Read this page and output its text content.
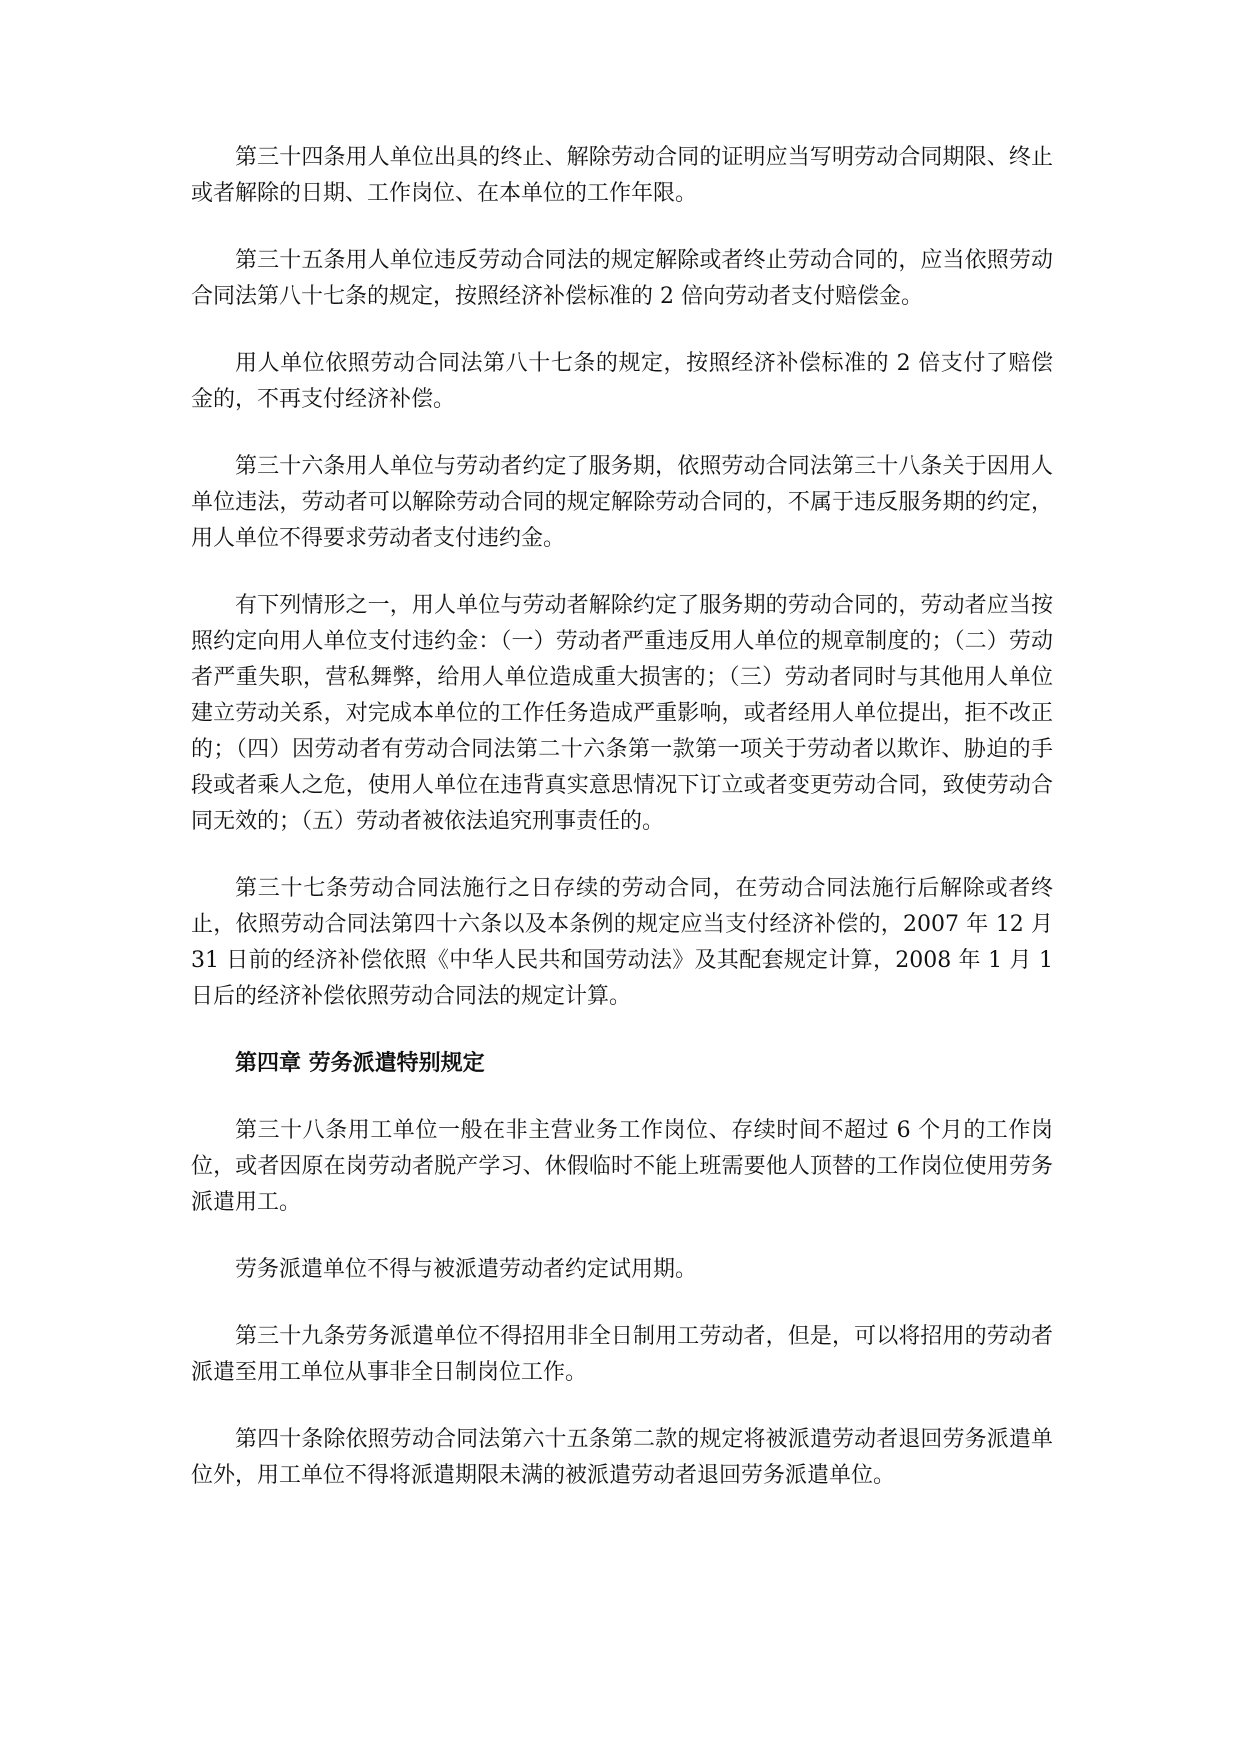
第三十四条用人单位出具的终止、解除劳动合同的证明应当写明劳动合同期限、终止或者解除的日期、工作岗位、在本单位的工作年限。

第三十五条用人单位违反劳动合同法的规定解除或者终止劳动合同的，应当依照劳动合同法第八十七条的规定，按照经济补偿标准的 2 倍向劳动者支付赔偿金。

用人单位依照劳动合同法第八十七条的规定，按照经济补偿标准的 2 倍支付了赔偿金的，不再支付经济补偿。

第三十六条用人单位与劳动者约定了服务期，依照劳动合同法第三十八条关于因用人单位违法，劳动者可以解除劳动合同的规定解除劳动合同的，不属于违反服务期的约定，用人单位不得要求劳动者支付违约金。

有下列情形之一，用人单位与劳动者解除约定了服务期的劳动合同的，劳动者应当按照约定向用人单位支付违约金：（一）劳动者严重违反用人单位的规章制度的；（二）劳动者严重失职，营私舞弊，给用人单位造成重大损害的；（三）劳动者同时与其他用人单位建立劳动关系，对完成本单位的工作任务造成严重影响，或者经用人单位提出，拒不改正的；（四）因劳动者有劳动合同法第二十六条第一款第一项关于劳动者以欺诈、胁迫的手段或者乘人之危，使用人单位在违背真实意思情况下订立或者变更劳动合同，致使劳动合同无效的；（五）劳动者被依法追究刑事责任的。

第三十七条劳动合同法施行之日存续的劳动合同，在劳动合同法施行后解除或者终止，依照劳动合同法第四十六条以及本条例的规定应当支付经济补偿的，2007 年 12 月 31 日前的经济补偿依照《中华人民共和国劳动法》及其配套规定计算，2008 年 1 月 1 日后的经济补偿依照劳动合同法的规定计算。

第四章 劳务派遣特别规定

第三十八条用工单位一般在非主营业务工作岗位、存续时间不超过 6 个月的工作岗位，或者因原在岗劳动者脱产学习、休假临时不能上班需要他人顶替的工作岗位使用劳务派遣用工。

劳务派遣单位不得与被派遣劳动者约定试用期。

第三十九条劳务派遣单位不得招用非全日制用工劳动者，但是，可以将招用的劳动者派遣至用工单位从事非全日制岗位工作。

第四十条除依照劳动合同法第六十五条第二款的规定将被派遣劳动者退回劳务派遣单位外，用工单位不得将派遣期限未满的被派遣劳动者退回劳务派遣单位。
